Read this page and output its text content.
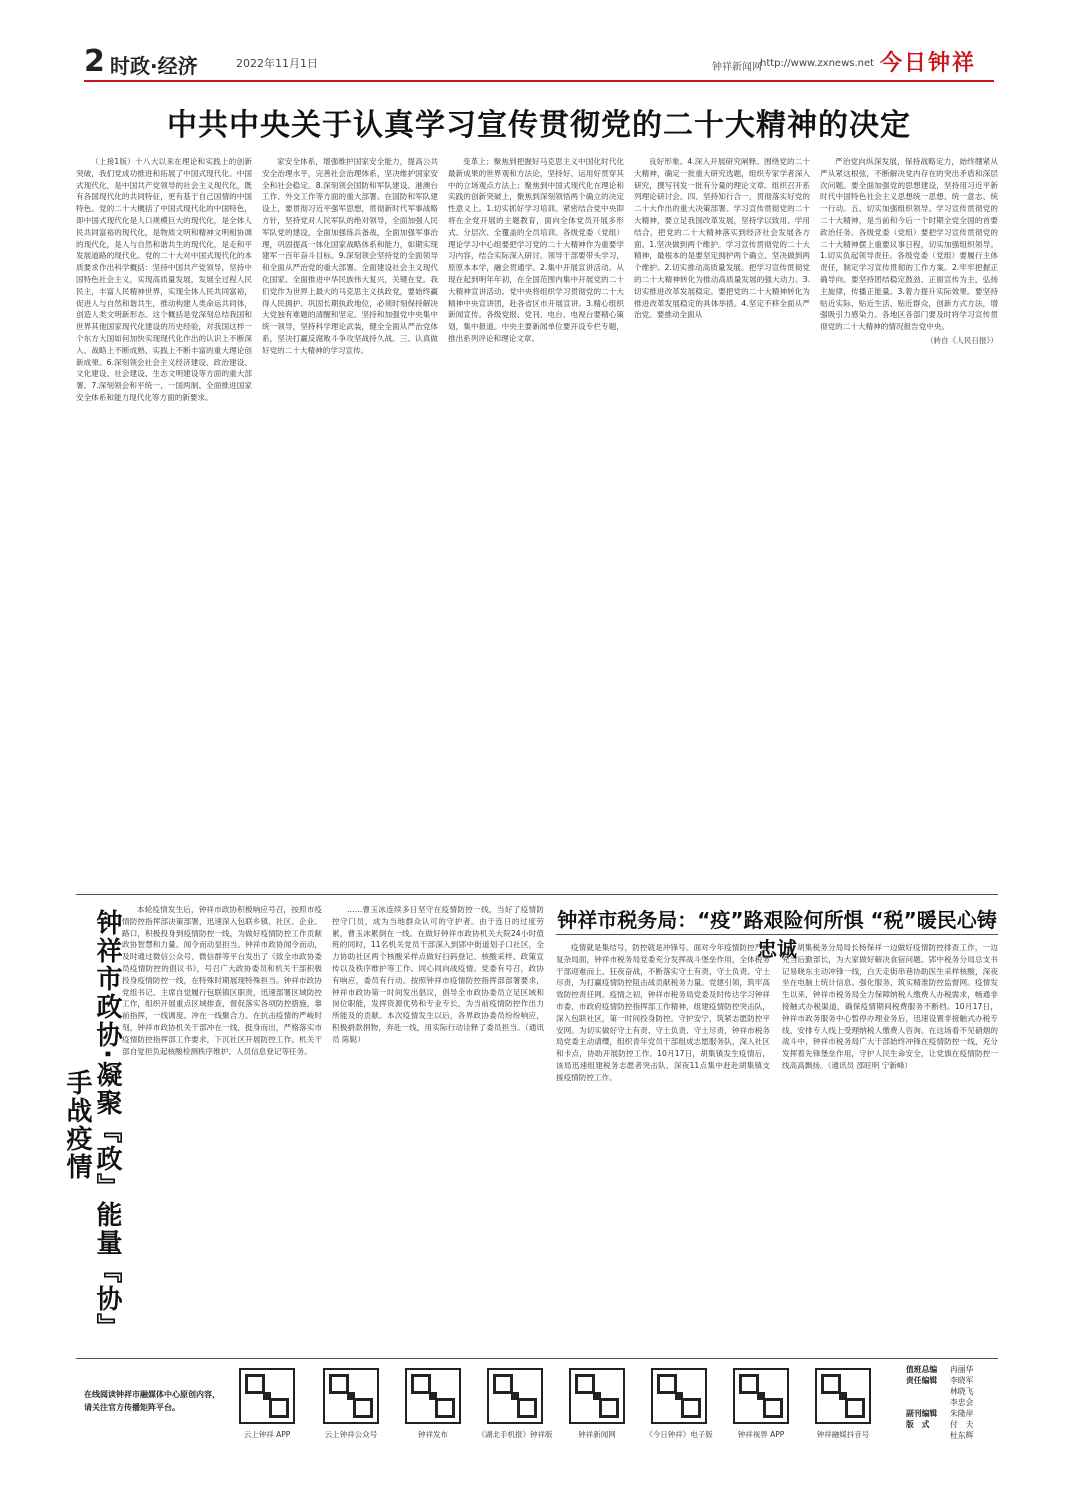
2 时政·经济	2022年11月1日	钟祥新闻网
http://www.zxnews.net 今日钟祥
中共中央关于认真学习宣传贯彻党的二十大精神的决定

（上接1版）十八大以来在理论和实践上的创新突破，我们党成功推进和拓展了中国式现代化。中国式现代化，是中国共产党领导的社会主义现代化，既有各国现代化的共同特征，更有基于自己国情的中国特色。党的二十大概括了中国式现代化的中国特色，即中国式现代化是人口规模巨大的现代化，是全体人民共同富裕的现代化，是物质文明和精神文明相协调的现代化，是人与自然和谐共生的现代化，是走和平发展道路的现代化。党的二十大对中国式现代化的本质要求作出科学概括：坚持中国共产党领导，坚持中国特色社会主义，实现高质量发展，发展全过程人民民主，丰富人民精神世界，实现全体人民共同富裕，促进人与自然和谐共生，推动构建人类命运共同体，创造人类文明新形态。这个概括是党深刻总结我国和世界其他国家现代化建设的历史经验，对我国这样一个东方大国如何加快实现现代化作出的认识上不断深入、战略上不断成熟、实践上不断丰富的重大理论创新成果。6.深刻领会社会主义经济建设、政治建设、文化建设、社会建设、生态文明建设等方面的重大部署。7.深刻领会和平统一、一国两制、全面推进国家安全体系和能力现代化等方面的新要求。

家安全体系，增强维护国家安全能力，提高公共安全治理水平，完善社会治理体系，坚决维护国家安全和社会稳定。8.深刻领会国防和军队建设、港澳台工作、外交工作等方面的重大部署。在国防和军队建设上，要贯彻习近平强军思想，贯彻新时代军事战略方针，坚持党对人民军队的绝对领导，全面加强人民军队党的建设，全面加强练兵备战，全面加强军事治理，巩固提高一体化国家战略体系和能力，如期实现建军一百年奋斗目标。9.深刻领会坚持党的全面领导和全面从严治党的重大部署。全面建设社会主义现代化国家、全面推进中华民族伟大复兴，关键在党。我们党作为世界上最大的马克思主义执政党，要始终赢得人民拥护、巩固长期执政地位，必须时刻保持解决大党独有难题的清醒和坚定。坚持和加强党中央集中统一领导，坚持科学理论武装，健全全面从严治党体系，坚决打赢反腐败斗争攻坚战持久战。三、认真做好党的二十大精神的学习宣传。

变革上；聚焦到把握好马克思主义中国化时代化最新成果的世界观和方法论，坚持好、运用好贯穿其中的立场观点方法上；聚焦到中国式现代化在理论和实践的创新突破上，聚焦到深刻领悟两个确立的决定性意义上。1.切实抓好学习培训。紧密结合党中央即将在全党开展的主题教育，面向全体党员开展多形式、分层次、全覆盖的全员培训。各级党委（党组）理论学习中心组要把学习党的二十大精神作为重要学习内容，结合实际深入研讨。领导干部要带头学习，原原本本学，融会贯通学。2.集中开展宣讲活动。从现在起到明年年初，在全国范围内集中开展党的二十大精神宣讲活动。党中央将组织学习贯彻党的二十大精神中央宣讲团，赴各省区市开展宣讲。3.精心组织新闻宣传。各级党报、党刊、电台、电视台要精心策划，集中报道。中央主要新闻单位要开设专栏专题，推出系列评论和理论文章。

良好形象。4.深入开展研究阐释。围绕党的二十大精神，确定一批重大研究选题，组织专家学者深入研究，撰写刊发一批有分量的理论文章。组织召开系列理论研讨会。四、坚持知行合一，贯彻落实好党的二十大作出的重大决策部署。学习宣传贯彻党的二十大精神，要立足我国改革发展，坚持学以致用、学用结合，把党的二十大精神落实到经济社会发展各方面。1.坚决做到两个维护。学习宣传贯彻党的二十大精神，最根本的是要坚定拥护两个确立、坚决做到两个维护。2.切实推动高质量发展。把学习宣传贯彻党的二十大精神转化为推动高质量发展的强大动力。3.切实推进改革发展稳定。要把党的二十大精神转化为推进改革发展稳定的具体举措。4.坚定不移全面从严治党。要推动全面从

严治党向纵深发展，保持战略定力，始终绷紧从严从紧这根弦，不断解决党内存在的突出矛盾和深层次问题。要全面加强党的思想建设，坚持用习近平新时代中国特色社会主义思想统一思想、统一意志、统一行动。五、切实加强组织领导。学习宣传贯彻党的二十大精神，是当前和今后一个时期全党全国的首要政治任务。各级党委（党组）要把学习宣传贯彻党的二十大精神摆上重要议事日程，切实加强组织领导。1.切实负起领导责任。各级党委（党组）要履行主体责任，制定学习宣传贯彻的工作方案。2.牢牢把握正确导向。要坚持团结稳定鼓劲、正面宣传为主，弘扬主旋律，传播正能量。3.着力提升实际效果。要坚持贴近实际、贴近生活、贴近群众，创新方式方法，增强吸引力感染力。各地区各部门要及时将学习宣传贯彻党的二十大精神的情况报告党中央。

（转自《人民日报》）

钟祥市政协·凝聚『政』能量『协』手战疫情

本轮疫情发生后，钟祥市政协积极响应号召，按照市疫情防控指挥部决策部署，迅速深入包联乡镇、社区、企业、路口，积极投身到疫情防控一线，为做好疫情防控工作贡献政协智慧和力量。闻令而动显担当。钟祥市政协闻令而动，及时通过微信公众号、微信群等平台发出了《致全市政协委员疫情防控的倡议书》，号召广大政协委员和机关干部积极投身疫情防控一线，在特殊时期展现特殊担当。钟祥市政协党组书记、主席自觉履行包联镇区职责，迅速部署区域防控工作，组织开展重点区域排查，督促落实各项防控措施，靠前指挥，一线调度。冲在一线聚合力。在抗击疫情的严峻时刻，钟祥市政协机关干部冲在一线，挺身而出，严格落实市疫情防控指挥部工作要求，下沉社区开展防控工作。机关干部自觉担负起核酸检测秩序维护、人员信息登记等任务。

……曹玉冰连续多日坚守在疫情防控一线，当好了疫情防控守门员，成为当地群众认可的守护者。由于连日的过度劳累，曹玉冰累倒在一线。在做好钟祥市政协机关大院24小时值班的同时，11名机关党员干部深入到郢中街道划子口社区，全力协助社区两个核酸采样点做好扫码登记、核酸采样、政策宣传以及秩序维护等工作。同心同向战疫情。党委有号召，政协有响应，委员有行动。按照钟祥市疫情防控指挥部部署要求，钟祥市政协第一时间发出倡议，倡导全市政协委员立足区域和岗位职能，发挥资源优势和专业专长，为当前疫情防控作出力所能及的贡献。本次疫情发生以后，各界政协委员纷纷响应，积极捐款捐物，奔赴一线，用实际行动诠释了委员担当。（通讯员 陈鞑）

钟祥市税务局：“疫”路艰险何所惧 “税”暖民心铸忠诚

疫情就是集结号，防控就是冲锋号。面对今年疫情防控严峻复杂局面，钟祥市税务局党委充分发挥战斗堡垒作用，全体税务干部迎难而上、狂夜奋战，不断落实守土有责、守土负责、守土尽责，为打赢疫情防控阻击战贡献税务力量。党建引领，筑牢高效防控责任网。疫情之初，钟祥市税务局党委及时传达学习钟祥市委、市政府疫情防控指挥部工作精神，组建疫情防控突击队，深入包联社区，第一时间投身防控。守护安宁，筑紧志愿防控平安网。为切实做好守土有责、守土负责、守土尽责，钟祥市税务局党委主动请缨，组织青年党员干部组成志愿服务队，深入社区和卡点，协助开展防控工作。10月17日，胡集镇发生疫情后，该局迅速组建税务志愿者突击队，深夜11点集中赶赴胡集镇支援疫情防控工作。

胡集税务分局局长杨保祥一边做好疫情防控排查工作，一边充当后勤部长，为大家做好解决食宿问题。郢中税务分局总支书记易晓东主动冲锋一线，白天走街串巷协助医生采样核酸，深夜坐在电脑上统计信息。强化服务，筑实精准防控监督网。疫情发生以来，钟祥市税务局全力保障纳税人缴费人办税需求，畅通非接触式办税渠道，确保疫情期间税费服务不断档。10月17日，钟祥市政务服务中心暂停办理业务后，迅速设置非接触式办税专线，安排专人线上受理纳税人缴费人咨询。在这场看不见硝烟的战斗中，钟祥市税务局广大干部始终冲锋在疫情防控一线，充分发挥着先锋堡垒作用，守护人民生命安全，让党旗在疫情防控一线高高飘扬。（通讯员 邵旺明 宁新峰）

在线阅读钟祥市融媒体中心原创内容，请关注官方传播矩阵平台。
云上钟祥 APP	云上钟祥公众号	钟祥发布	《湖北手机报》钟祥版	钟祥新闻网	《今日钟祥》电子版	钟祥视界 APP	钟祥融媒抖音号
值班总编	冉丽华
责任编辑	李晓军
林晓飞
李忠会
副刊编辑	朱隆岸
版　式	付　夫
杜东辉
